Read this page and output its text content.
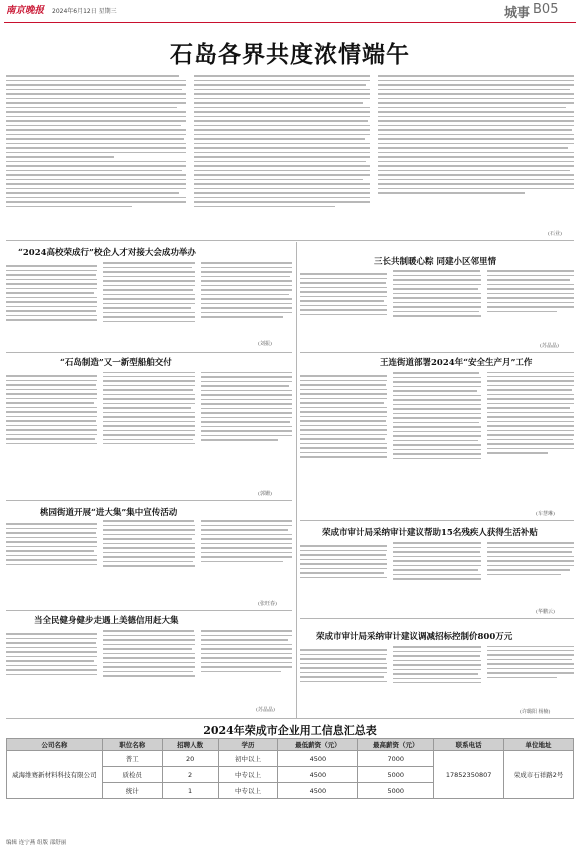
南京晚报 2024年6月12日 星期三	城事 B05
石岛各界共度浓情端午

(石业)
“2024高校荣成行”校企人才对接大会成功举办
三长共制暖心粽 同建小区邻里情

(刘振)	(苏晶晶)
王连街道部署2024年“安全生产月”工作

(车慧琳)
“石岛制造”又一新型船舶交付

(郭姗)
桃园街道开展“进大集”集中宣传活动

(张旺春)
荣成市审计局采纳审计建议帮助15名残疾人获得生活补贴

(华鹏云)
当全民健身健步走遇上美德信用赶大集

(苏晶晶)
荣成市审计局采纳审计建议调减招标控制价800万元

(许璐阳 杨楠)
2024年荣成市企业用工信息汇总表
公司名称	职位名称	招聘人数	学历	最低薪资（元）	最高薪资（元）	联系电话	单位地址
威海维赛新材料科技有限公司	普工	20	初中以上	4500	7000	17852350807	荣成市石祥路2号
	质检员	2	中专以上	4500	5000		
	统计	1	中专以上	4500	5000		
编辑 连宁燕 组版 邵舒丽
